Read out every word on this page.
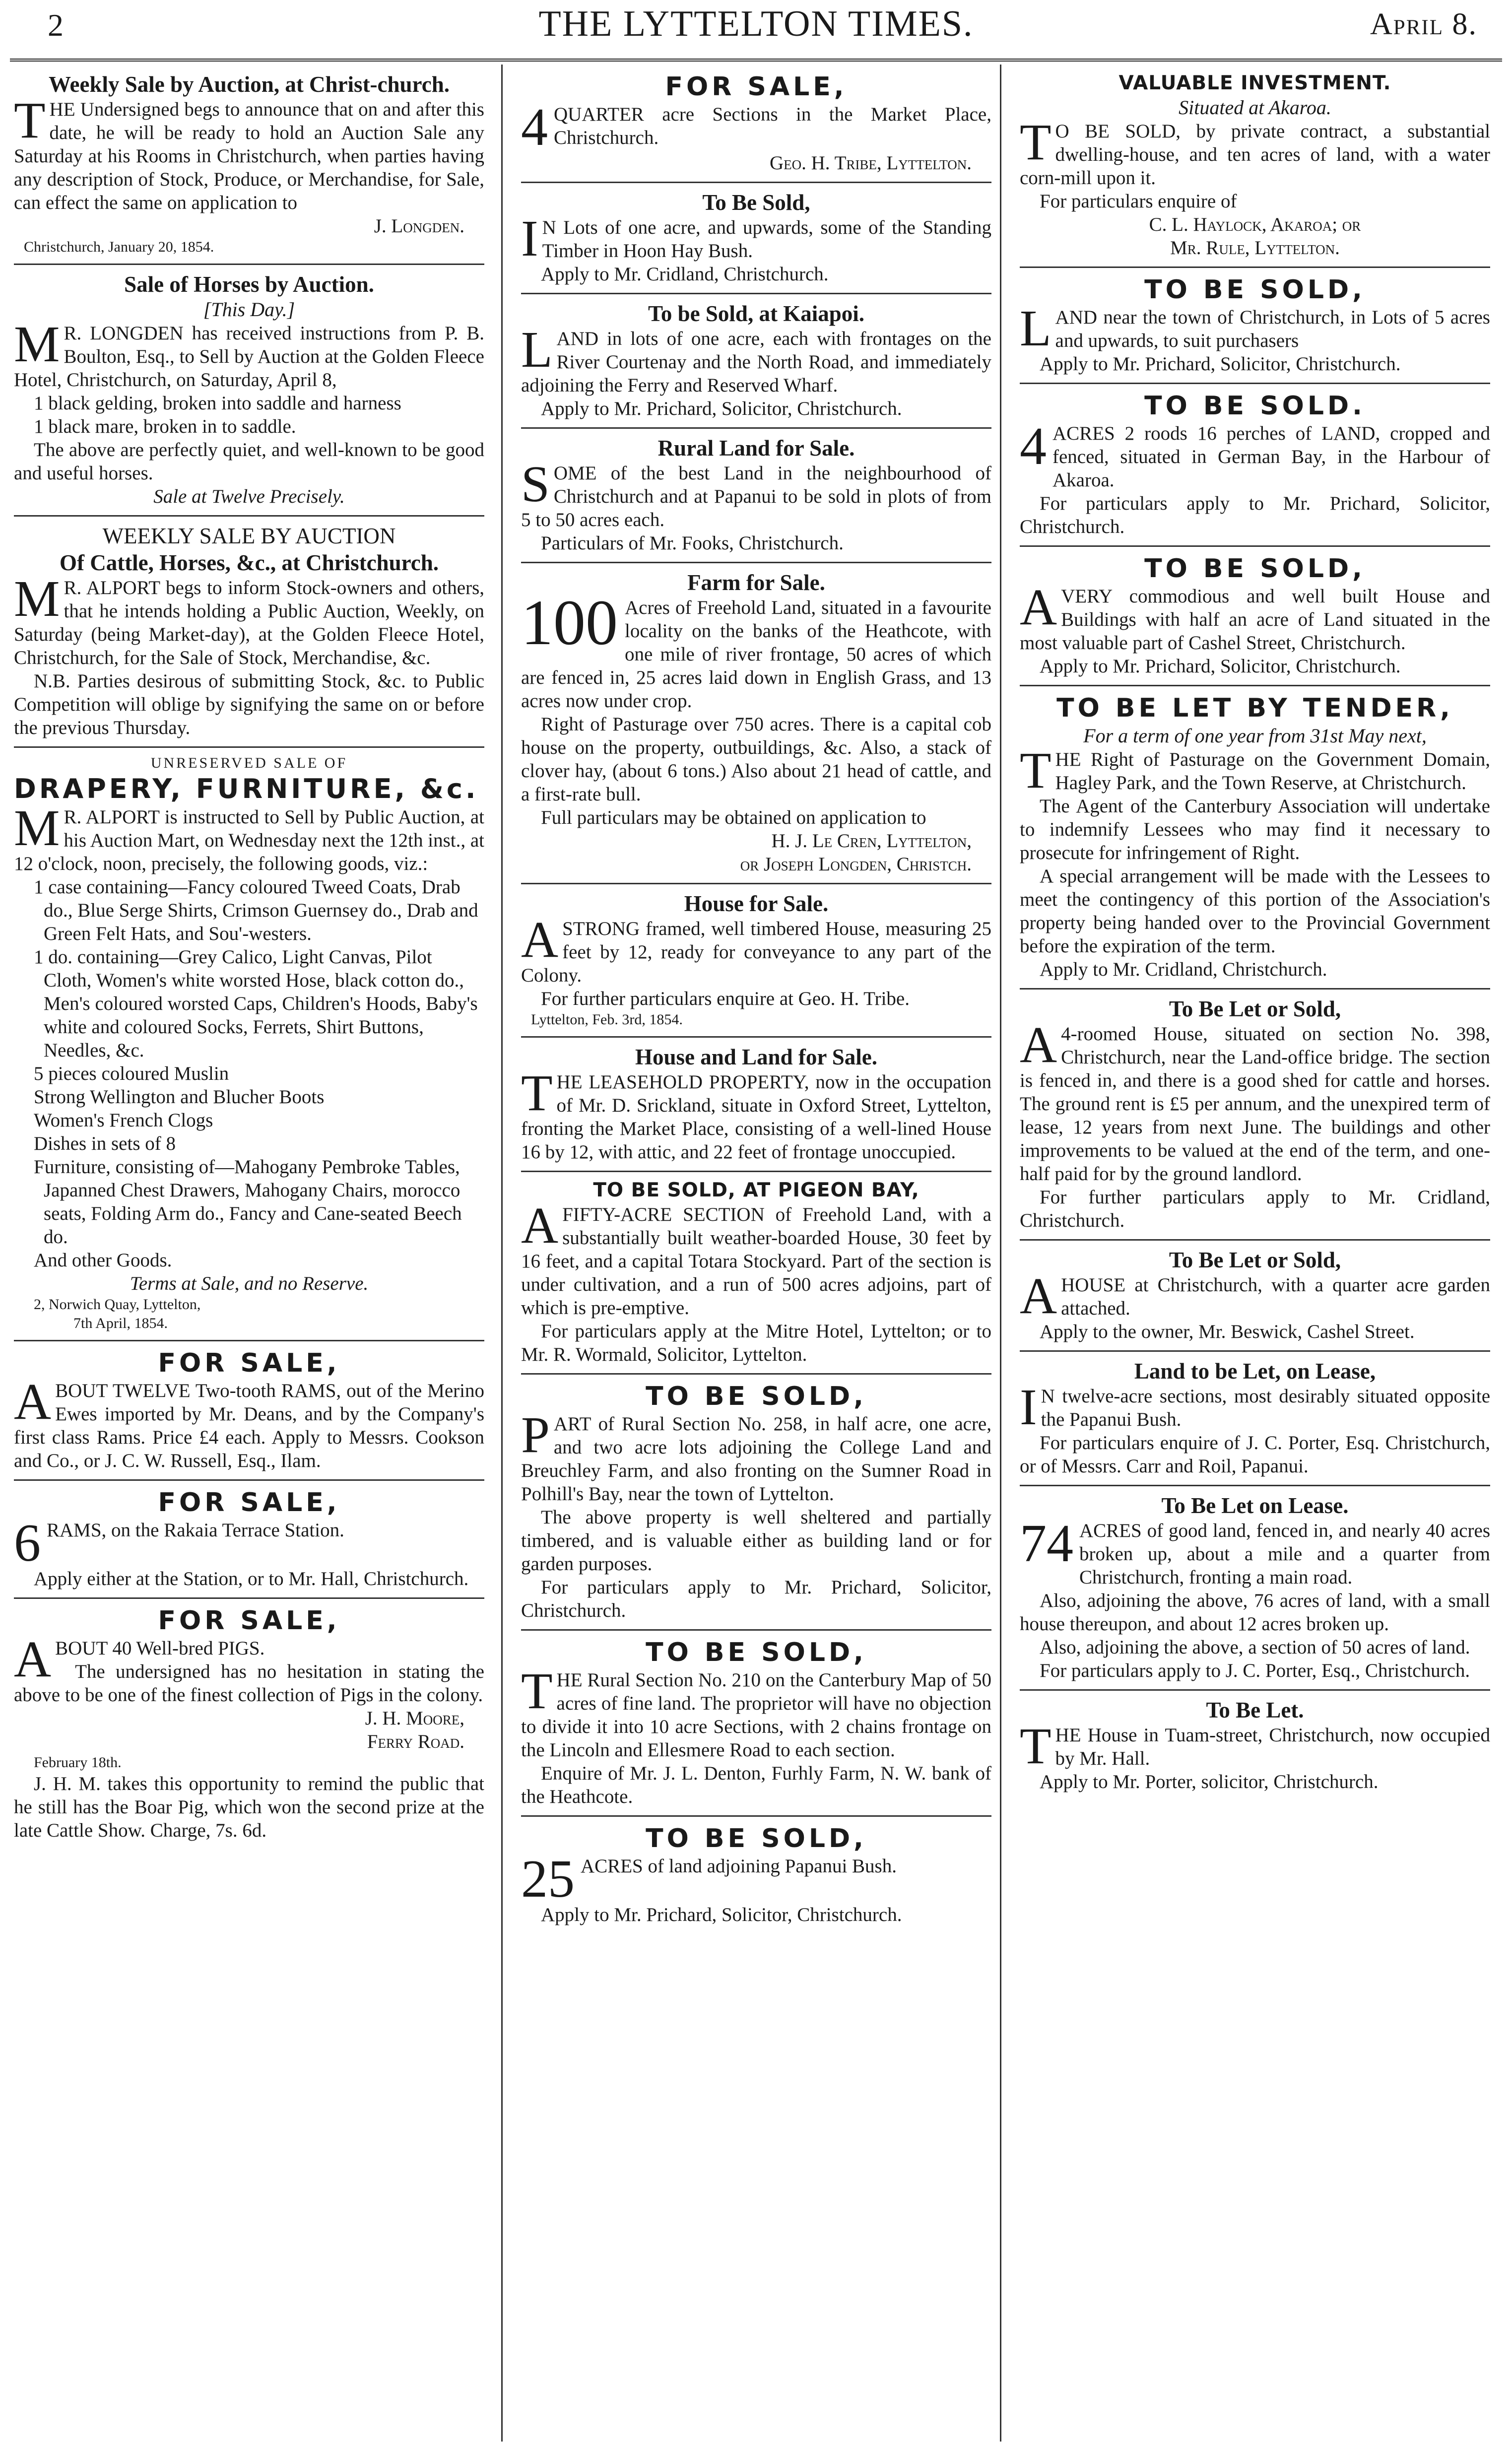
2	THE LYTTELTON TIMES.	April 8.
Weekly Sale by Auction, at Christ-church.

THE Undersigned begs to announce that on and after this date, he will be ready to hold an Auction Sale any Saturday at his Rooms in Christchurch, when parties having any description of Stock, Produce, or Merchandise, for Sale, can effect the same on application to

J. Longden.
Christchurch, January 20, 1854.
Sale of Horses by Auction.
[This Day.]

MR. LONGDEN has received instructions from P. B. Boulton, Esq., to Sell by Auction at the Golden Fleece Hotel, Christchurch, on Saturday, April 8,

1 black gelding, broken into saddle and harness
1 black mare, broken in to saddle.

The above are perfectly quiet, and well-known to be good and useful horses.

Sale at Twelve Precisely.
WEEKLY SALE BY AUCTION
Of Cattle, Horses, &c., at Christchurch.

MR. ALPORT begs to inform Stock-owners and others, that he intends holding a Public Auction, Weekly, on Saturday (being Market-day), at the Golden Fleece Hotel, Christchurch, for the Sale of Stock, Merchandise, &c.

N.B. Parties desirous of submitting Stock, &c. to Public Competition will oblige by signifying the same on or before the previous Thursday.

UNRESERVED SALE OF
DRAPERY, FURNITURE, &c.

MR. ALPORT is instructed to Sell by Public Auction, at his Auction Mart, on Wednesday next the 12th inst., at 12 o'clock, noon, precisely, the following goods, viz.:

1 case containing—Fancy coloured Tweed Coats, Drab do., Blue Serge Shirts, Crimson Guernsey do., Drab and Green Felt Hats, and Sou'-westers.
1 do. containing—Grey Calico, Light Canvas, Pilot Cloth, Women's white worsted Hose, black cotton do., Men's coloured worsted Caps, Children's Hoods, Baby's white and coloured Socks, Ferrets, Shirt Buttons, Needles, &c.
5 pieces coloured Muslin
Strong Wellington and Blucher Boots
Women's French Clogs
Dishes in sets of 8
Furniture, consisting of—Mahogany Pembroke Tables, Japanned Chest Drawers, Mahogany Chairs, morocco seats, Folding Arm do., Fancy and Cane-seated Beech do.
And other Goods.
Terms at Sale, and no Reserve.
2, Norwich Quay, Lyttelton,
7th April, 1854.
FOR SALE,

ABOUT TWELVE Two-tooth RAMS, out of the Merino Ewes imported by Mr. Deans, and by the Company's first class Rams. Price £4 each. Apply to Messrs. Cookson and Co., or J. C. W. Russell, Esq., Ilam.

FOR SALE,
6 RAMS, on the Rakaia Terrace Station.

Apply either at the Station, or to Mr. Hall, Christchurch.

FOR SALE,

ABOUT 40 Well-bred PIGS.

The undersigned has no hesitation in stating the above to be one of the finest collection of Pigs in the colony.

J. H. Moore,
Ferry Road.
February 18th.

J. H. M. takes this opportunity to remind the public that he still has the Boar Pig, which won the second prize at the late Cattle Show. Charge, 7s. 6d.

FOR SALE,
4 QUARTER acre Sections in the Market Place, Christchurch.

Geo. H. Tribe, Lyttelton.
To Be Sold,

IN Lots of one acre, and upwards, some of the Standing Timber in Hoon Hay Bush.

Apply to Mr. Cridland, Christchurch.

To be Sold, at Kaiapoi.

LAND in lots of one acre, each with frontages on the River Courtenay and the North Road, and immediately adjoining the Ferry and Reserved Wharf.

Apply to Mr. Prichard, Solicitor, Christchurch.

Rural Land for Sale.

SOME of the best Land in the neighbourhood of Christchurch and at Papanui to be sold in plots of from 5 to 50 acres each.

Particulars of Mr. Fooks, Christchurch.

Farm for Sale.
100 Acres of Freehold Land, situated in a favourite locality on the banks of the Heathcote, with one mile of river frontage, 50 acres of which are fenced in, 25 acres laid down in English Grass, and 13 acres now under crop.

Right of Pasturage over 750 acres. There is a capital cob house on the property, outbuildings, &c. Also, a stack of clover hay, (about 6 tons.) Also about 21 head of cattle, and a first-rate bull.

Full particulars may be obtained on application to

H. J. Le Cren, Lyttelton,
or Joseph Longden, Christch.
House for Sale.

ASTRONG framed, well timbered House, measuring 25 feet by 12, ready for conveyance to any part of the Colony.

For further particulars enquire at Geo. H. Tribe.

Lyttelton, Feb. 3rd, 1854.
House and Land for Sale.

THE LEASEHOLD PROPERTY, now in the occupation of Mr. D. Srickland, situate in Oxford Street, Lyttelton, fronting the Market Place, consisting of a well-lined House 16 by 12, with attic, and 22 feet of frontage unoccupied.

TO BE SOLD, AT PIGEON BAY,

AFIFTY-ACRE SECTION of Freehold Land, with a substantially built weather-boarded House, 30 feet by 16 feet, and a capital Totara Stockyard. Part of the section is under cultivation, and a run of 500 acres adjoins, part of which is pre-emptive.

For particulars apply at the Mitre Hotel, Lyttelton; or to Mr. R. Wormald, Solicitor, Lyttelton.

TO BE SOLD,

PART of Rural Section No. 258, in half acre, one acre, and two acre lots adjoining the College Land and Breuchley Farm, and also fronting on the Sumner Road in Polhill's Bay, near the town of Lyttelton.

The above property is well sheltered and partially timbered, and is valuable either as building land or for garden purposes.

For particulars apply to Mr. Prichard, Solicitor, Christchurch.

TO BE SOLD,

THE Rural Section No. 210 on the Canterbury Map of 50 acres of fine land. The proprietor will have no objection to divide it into 10 acre Sections, with 2 chains frontage on the Lincoln and Ellesmere Road to each section.

Enquire of Mr. J. L. Denton, Furhly Farm, N. W. bank of the Heathcote.

TO BE SOLD,
25 ACRES of land adjoining Papanui Bush.

Apply to Mr. Prichard, Solicitor, Christchurch.

VALUABLE INVESTMENT.
Situated at Akaroa.

TO BE SOLD, by private contract, a substantial dwelling-house, and ten acres of land, with a water corn-mill upon it.

For particulars enquire of

C. L. Haylock, Akaroa; or
Mr. Rule, Lyttelton.
TO BE SOLD,

LAND near the town of Christchurch, in Lots of 5 acres and upwards, to suit purchasers

Apply to Mr. Prichard, Solicitor, Christchurch.

TO BE SOLD.
4 ACRES 2 roods 16 perches of LAND, cropped and fenced, situated in German Bay, in the Harbour of Akaroa.

For particulars apply to Mr. Prichard, Solicitor, Christchurch.

TO BE SOLD,

AVERY commodious and well built House and Buildings with half an acre of Land situated in the most valuable part of Cashel Street, Christchurch.

Apply to Mr. Prichard, Solicitor, Christchurch.

TO BE LET BY TENDER,
For a term of one year from 31st May next,

THE Right of Pasturage on the Government Domain, Hagley Park, and the Town Reserve, at Christchurch.

The Agent of the Canterbury Association will undertake to indemnify Lessees who may find it necessary to prosecute for infringement of Right.

A special arrangement will be made with the Lessees to meet the contingency of this portion of the Association's property being handed over to the Provincial Government before the expiration of the term.

Apply to Mr. Cridland, Christchurch.

To Be Let or Sold,

A4-roomed House, situated on section No. 398, Christchurch, near the Land-office bridge. The section is fenced in, and there is a good shed for cattle and horses. The ground rent is £5 per annum, and the unexpired term of lease, 12 years from next June. The buildings and other improvements to be valued at the end of the term, and one-half paid for by the ground landlord.

For further particulars apply to Mr. Cridland, Christchurch.

To Be Let or Sold,

AHOUSE at Christchurch, with a quarter acre garden attached.

Apply to the owner, Mr. Beswick, Cashel Street.

Land to be Let, on Lease,

IN twelve-acre sections, most desirably situated opposite the Papanui Bush.

For particulars enquire of J. C. Porter, Esq. Christchurch, or of Messrs. Carr and Roil, Papanui.

To Be Let on Lease.
74 ACRES of good land, fenced in, and nearly 40 acres broken up, about a mile and a quarter from Christchurch, fronting a main road.

Also, adjoining the above, 76 acres of land, with a small house thereupon, and about 12 acres broken up.

Also, adjoining the above, a section of 50 acres of land.

For particulars apply to J. C. Porter, Esq., Christchurch.

To Be Let.

THE House in Tuam-street, Christchurch, now occupied by Mr. Hall.

Apply to Mr. Porter, solicitor, Christchurch.
